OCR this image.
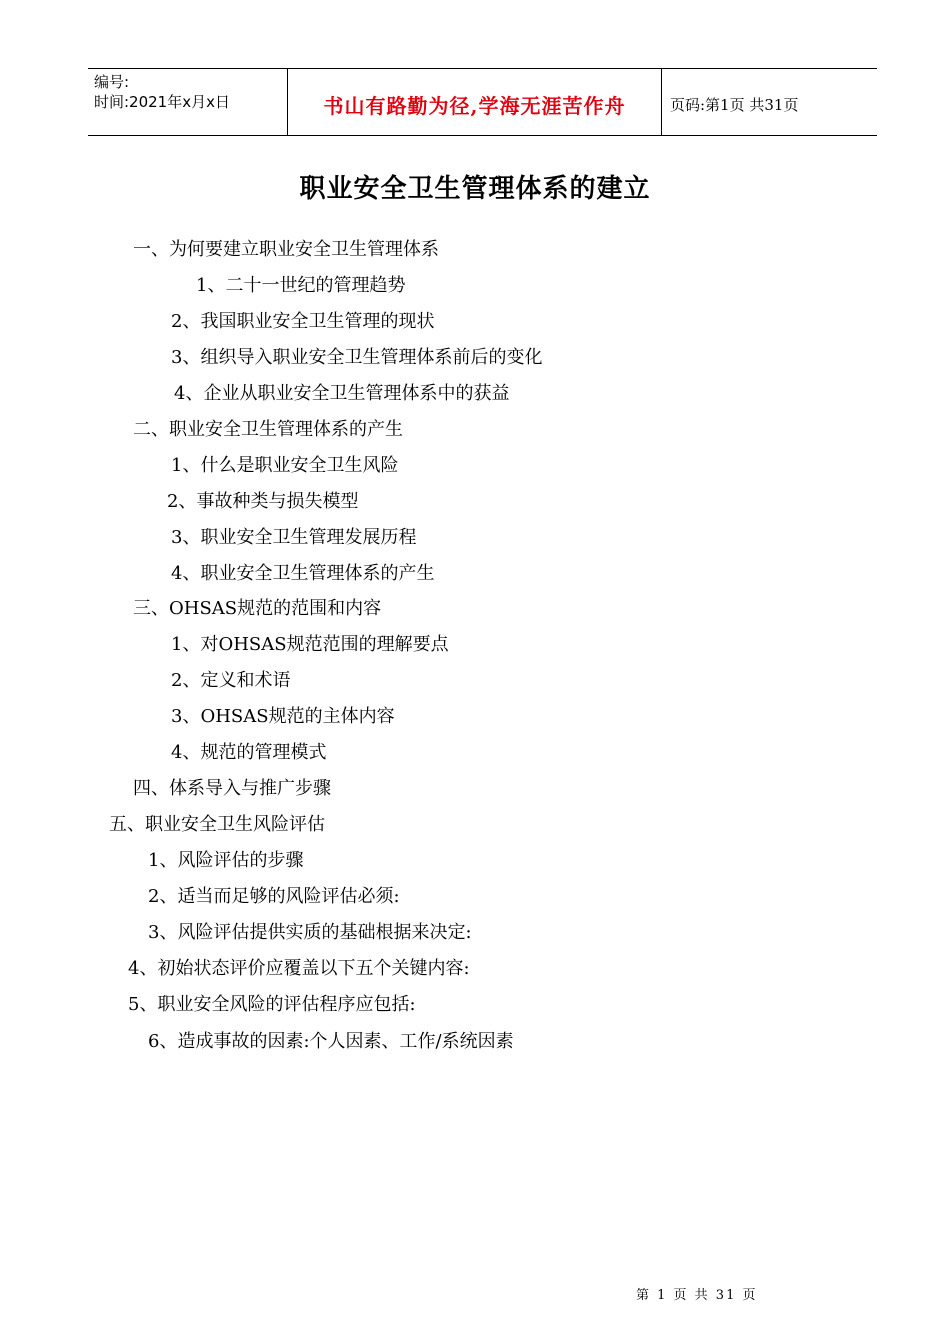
编号:
时间:2021年x月x日	书山有路勤为径,学海无涯苦作舟	页码:第1页 共31页
职业安全卫生管理体系的建立
一、为何要建立职业安全卫生管理体系
1、二十一世纪的管理趋势
2、我国职业安全卫生管理的现状
3、组织导入职业安全卫生管理体系前后的变化
4、企业从职业安全卫生管理体系中的获益
二、职业安全卫生管理体系的产生
1、什么是职业安全卫生风险
2、事故种类与损失模型
3、职业安全卫生管理发展历程
4、职业安全卫生管理体系的产生
三、OHSAS规范的范围和内容
1、对OHSAS规范范围的理解要点
2、定义和术语
3、OHSAS规范的主体内容
4、规范的管理模式
四、体系导入与推广步骤
五、职业安全卫生风险评估
1、风险评估的步骤
2、适当而足够的风险评估必须:
3、风险评估提供实质的基础根据来决定:
4、初始状态评价应覆盖以下五个关键内容:
5、职业安全风险的评估程序应包括:
6、造成事故的因素:个人因素、工作/系统因素
第 1 页 共 31 页
